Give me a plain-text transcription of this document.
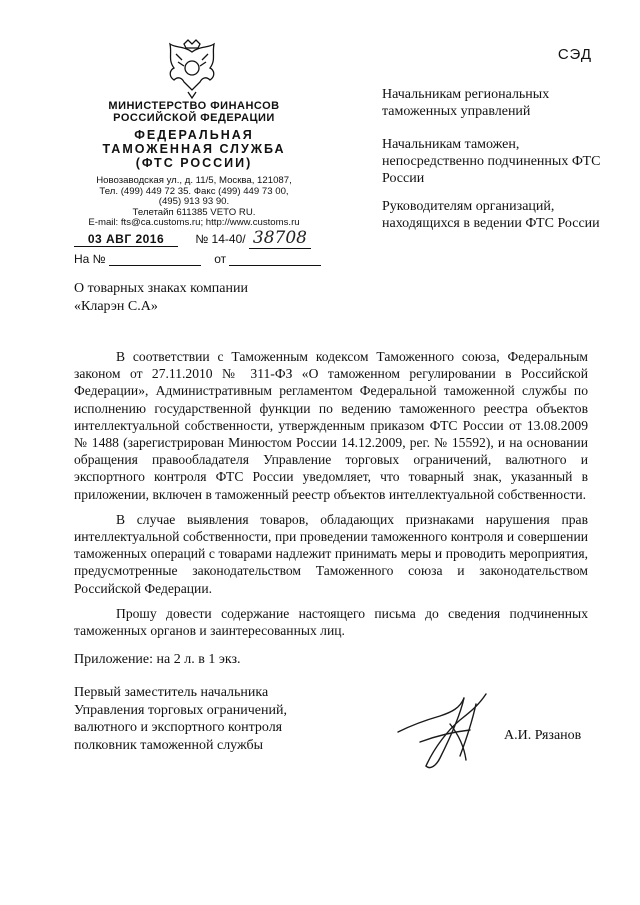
СЭД
МИНИСТЕРСТВО ФИНАНСОВ
РОССИЙСКОЙ ФЕДЕРАЦИИ
ФЕДЕРАЛЬНАЯ
ТАМОЖЕННАЯ СЛУЖБА
(ФТС РОССИИ)
Новозаводская ул., д. 11/5, Москва, 121087,
Тел. (499) 449 72 35. Факс (499) 449 73 00,
(495) 913 93 90.
Телетайп 611385 VETO RU.
E-mail: fts@ca.customs.ru; http://www.customs.ru
03 АВГ 2016	№ 14-40/ 38708
На №	от
Начальникам региональных таможенных управлений
Начальникам таможен, непосредственно подчиненных ФТС России
Руководителям организаций, находящихся в ведении ФТС России
О товарных знаках компании
«Кларэн С.А»

В соответствии с Таможенным кодексом Таможенного союза, Федеральным законом от 27.11.2010 № 311-ФЗ «О таможенном регулировании в Российской Федерации», Административным регламентом Федеральной таможенной службы по исполнению государственной функции по ведению таможенного реестра объектов интеллектуальной собственности, утвержденным приказом ФТС России от 13.08.2009 № 1488 (зарегистрирован Минюстом России 14.12.2009, рег. № 15592), и на основании обращения правообладателя Управление торговых ограничений, валютного и экспортного контроля ФТС России уведомляет, что товарный знак, указанный в приложении, включен в таможенный реестр объектов интеллектуальной собственности.

В случае выявления товаров, обладающих признаками нарушения прав интеллектуальной собственности, при проведении таможенного контроля и совершении таможенных операций с товарами надлежит принимать меры и проводить мероприятия, предусмотренные законодательством Таможенного союза и законодательством Российской Федерации.

Прошу довести содержание настоящего письма до сведения подчиненных таможенных органов и заинтересованных лиц.

Приложение: на 2 л. в 1 экз.
Первый заместитель начальника
Управления торговых ограничений,
валютного и экспортного контроля
полковник таможенной службы
А.И. Рязанов
